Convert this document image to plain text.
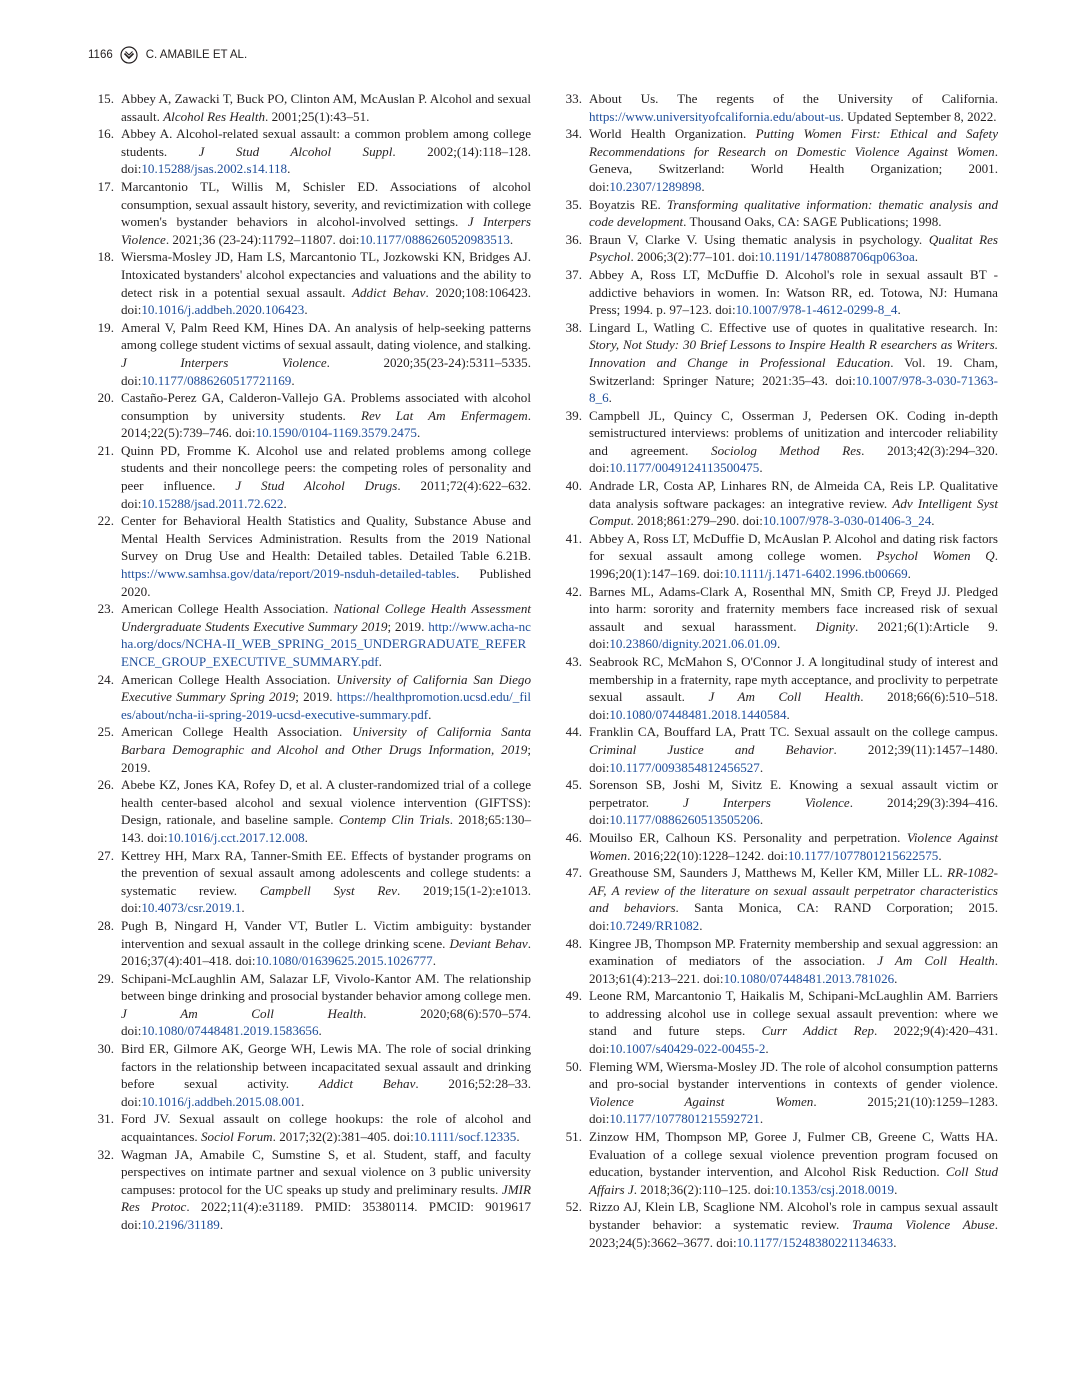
1166	C. AMABILE ET AL.

15. Abbey A, Zawacki T, Buck PO, Clinton AM, McAuslan P. Alcohol and sexual assault. Alcohol Res Health. 2001;25(1):43–51.

16. Abbey A. Alcohol-related sexual assault: a common problem among college students. J Stud Alcohol Suppl. 2002;(14):118–128. doi:10.15288/jsas.2002.s14.118.

17. Marcantonio TL, Willis M, Schisler ED. Associations of alcohol consumption, sexual assault history, severity, and revictimization with college women's bystander behaviors in alcohol-involved settings. J Interpers Violence. 2021;36 (23-24):11792–11807. doi:10.1177/0886260520983513.

18. Wiersma-Mosley JD, Ham LS, Marcantonio TL, Jozkowski KN, Bridges AJ. Intoxicated bystanders' alcohol expectancies and valuations and the ability to detect risk in a potential sexual assault. Addict Behav. 2020;108:106423. doi:10.1016/j.addbeh.2020.106423.

19. Ameral V, Palm Reed KM, Hines DA. An analysis of help-seeking patterns among college student victims of sexual assault, dating violence, and stalking. J Interpers Violence. 2020;35(23-24):5311–5335. doi:10.1177/0886260517721169.

20. Castaño-Perez GA, Calderon-Vallejo GA. Problems associated with alcohol consumption by university students. Rev Lat Am Enfermagem. 2014;22(5):739–746. doi:10.1590/0104-1169.3579.2475.

21. Quinn PD, Fromme K. Alcohol use and related problems among college students and their noncollege peers: the competing roles of personality and peer influence. J Stud Alcohol Drugs. 2011;72(4):622–632. doi:10.15288/jsad.2011.72.622.

22. Center for Behavioral Health Statistics and Quality, Substance Abuse and Mental Health Services Administration. Results from the 2019 National Survey on Drug Use and Health: Detailed tables. Detailed Table 6.21B. https://www.samhsa.gov/data/report/2019-nsduh-detailed-tables. Published 2020.

23. American College Health Association. National College Health Assessment Undergraduate Students Executive Summary 2019; 2019. http://www.acha-ncha.org/docs/NCHA-II_WEB_SPRING_2015_UNDERGRADUATE_REFERENCE_GROUP_EXECUTIVE_SUMMARY.pdf.

24. American College Health Association. University of California San Diego Executive Summary Spring 2019; 2019. https://healthpromotion.ucsd.edu/_files/about/ncha-ii-spring-2019-ucsd-executive-summary.pdf.

25. American College Health Association. University of California Santa Barbara Demographic and Alcohol and Other Drugs Information, 2019; 2019.

26. Abebe KZ, Jones KA, Rofey D, et al. A cluster-randomized trial of a college health center-based alcohol and sexual violence intervention (GIFTSS): Design, rationale, and baseline sample. Contemp Clin Trials. 2018;65:130–143. doi:10.1016/j.cct.2017.12.008.

27. Kettrey HH, Marx RA, Tanner-Smith EE. Effects of bystander programs on the prevention of sexual assault among adolescents and college students: a systematic review. Campbell Syst Rev. 2019;15(1-2):e1013. doi:10.4073/csr.2019.1.

28. Pugh B, Ningard H, Vander VT, Butler L. Victim ambiguity: bystander intervention and sexual assault in the college drinking scene. Deviant Behav. 2016;37(4):401–418. doi:10.1080/01639625.2015.1026777.

29. Schipani-McLaughlin AM, Salazar LF, Vivolo-Kantor AM. The relationship between binge drinking and prosocial bystander behavior among college men. J Am Coll Health. 2020;68(6):570–574. doi:10.1080/07448481.2019.1583656.

30. Bird ER, Gilmore AK, George WH, Lewis MA. The role of social drinking factors in the relationship between incapacitated sexual assault and drinking before sexual activity. Addict Behav. 2016;52:28–33. doi:10.1016/j.addbeh.2015.08.001.

31. Ford JV. Sexual assault on college hookups: the role of alcohol and acquaintances. Sociol Forum. 2017;32(2):381–405. doi:10.1111/socf.12335.

32. Wagman JA, Amabile C, Sumstine S, et al. Student, staff, and faculty perspectives on intimate partner and sexual violence on 3 public university campuses: protocol for the UC speaks up study and preliminary results. JMIR Res Protoc. 2022;11(4):e31189. PMID: 35380114. PMCID: 9019617 doi:10.2196/31189.

33. About Us. The regents of the University of California. https://www.universityofcalifornia.edu/about-us. Updated September 8, 2022.

34. World Health Organization. Putting Women First: Ethical and Safety Recommendations for Research on Domestic Violence Against Women. Geneva, Switzerland: World Health Organization; 2001. doi:10.2307/1289898.

35. Boyatzis RE. Transforming qualitative information: thematic analysis and code development. Thousand Oaks, CA: SAGE Publications; 1998.

36. Braun V, Clarke V. Using thematic analysis in psychology. Qualitat Res Psychol. 2006;3(2):77–101. doi:10.1191/1478088706qp063oa.

37. Abbey A, Ross LT, McDuffie D. Alcohol's role in sexual assault BT - addictive behaviors in women. In: Watson RR, ed. Totowa, NJ: Humana Press; 1994. p. 97–123. doi:10.1007/978-1-4612-0299-8_4.

38. Lingard L, Watling C. Effective use of quotes in qualitative research. In: Story, Not Study: 30 Brief Lessons to Inspire Health R esearchers as Writers. Innovation and Change in Professional Education. Vol. 19. Cham, Switzerland: Springer Nature; 2021:35–43. doi:10.1007/978-3-030-71363-8_6.

39. Campbell JL, Quincy C, Osserman J, Pedersen OK. Coding in-depth semistructured interviews: problems of unitization and intercoder reliability and agreement. Sociolog Method Res. 2013;42(3):294–320. doi:10.1177/0049124113500475.

40. Andrade LR, Costa AP, Linhares RN, de Almeida CA, Reis LP. Qualitative data analysis software packages: an integrative review. Adv Intelligent Syst Comput. 2018;861:279–290. doi:10.1007/978-3-030-01406-3_24.

41. Abbey A, Ross LT, McDuffie D, McAuslan P. Alcohol and dating risk factors for sexual assault among college women. Psychol Women Q. 1996;20(1):147–169. doi:10.1111/j.1471-6402.1996.tb00669.

42. Barnes ML, Adams-Clark A, Rosenthal MN, Smith CP, Freyd JJ. Pledged into harm: sorority and fraternity members face increased risk of sexual assault and sexual harassment. Dignity. 2021;6(1):Article 9. doi:10.23860/dignity.2021.06.01.09.

43. Seabrook RC, McMahon S, O'Connor J. A longitudinal study of interest and membership in a fraternity, rape myth acceptance, and proclivity to perpetrate sexual assault. J Am Coll Health. 2018;66(6):510–518. doi:10.1080/07448481.2018.1440584.

44. Franklin CA, Bouffard LA, Pratt TC. Sexual assault on the college campus. Criminal Justice and Behavior. 2012;39(11):1457–1480. doi:10.1177/0093854812456527.

45. Sorenson SB, Joshi M, Sivitz E. Knowing a sexual assault victim or perpetrator. J Interpers Violence. 2014;29(3):394–416. doi:10.1177/0886260513505206.

46. Mouilso ER, Calhoun KS. Personality and perpetration. Violence Against Women. 2016;22(10):1228–1242. doi:10.1177/1077801215622575.

47. Greathouse SM, Saunders J, Matthews M, Keller KM, Miller LL. RR-1082-AF, A review of the literature on sexual assault perpetrator characteristics and behaviors. Santa Monica, CA: RAND Corporation; 2015. doi:10.7249/RR1082.

48. Kingree JB, Thompson MP. Fraternity membership and sexual aggression: an examination of mediators of the association. J Am Coll Health. 2013;61(4):213–221. doi:10.1080/07448481.2013.781026.

49. Leone RM, Marcantonio T, Haikalis M, Schipani-McLaughlin AM. Barriers to addressing alcohol use in college sexual assault prevention: where we stand and future steps. Curr Addict Rep. 2022;9(4):420–431. doi:10.1007/s40429-022-00455-2.

50. Fleming WM, Wiersma-Mosley JD. The role of alcohol consumption patterns and pro-social bystander interventions in contexts of gender violence. Violence Against Women. 2015;21(10):1259–1283. doi:10.1177/1077801215592721.

51. Zinzow HM, Thompson MP, Goree J, Fulmer CB, Greene C, Watts HA. Evaluation of a college sexual violence prevention program focused on education, bystander intervention, and Alcohol Risk Reduction. Coll Stud Affairs J. 2018;36(2):110–125. doi:10.1353/csj.2018.0019.

52. Rizzo AJ, Klein LB, Scaglione NM. Alcohol's role in campus sexual assault bystander behavior: a systematic review. Trauma Violence Abuse. 2023;24(5):3662–3677. doi:10.1177/15248380221134633.
